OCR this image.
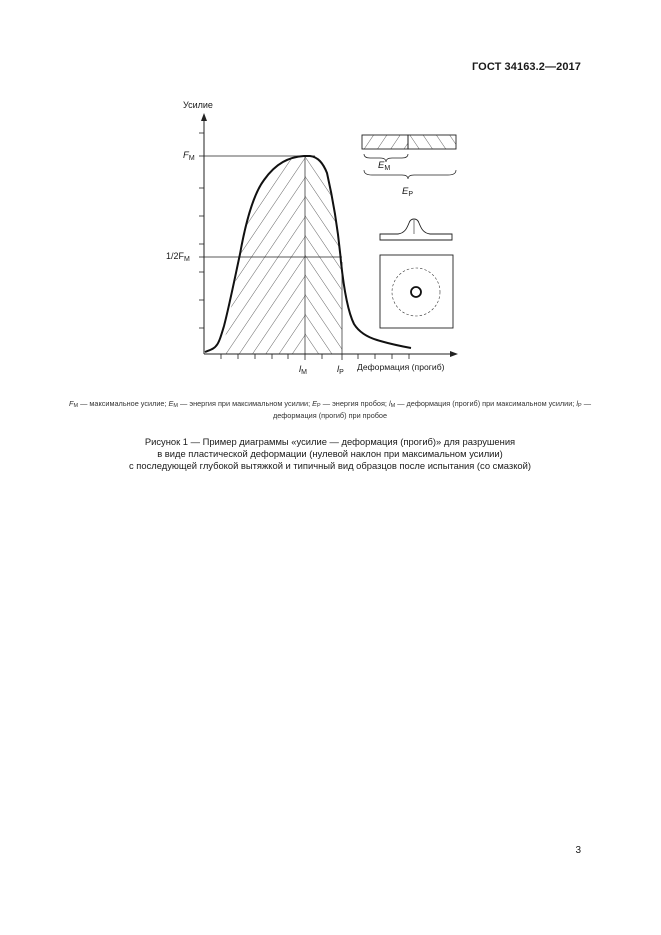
ГОСТ 34163.2—2017
Усилие
Деформация (прогиб)
$F_M$
$1/2F_M$
$l_M$	$l_P$
$E_M$
$E_P$
$F_M$ — максимальное усилие; $E_M$ — энергия при максимальном усилии; $E_P$ — энергия пробоя; $l_M$ — деформация (прогиб) при максимальном усилии; $l_P$ — деформация (прогиб) при пробое
Рисунок 1 — Пример диаграммы «усилие — деформация (прогиб)» для разрушения
в виде пластической деформации (нулевой наклон при максимальном усилии)
с последующей глубокой вытяжкой и типичный вид образцов после испытания (со смазкой)
3
